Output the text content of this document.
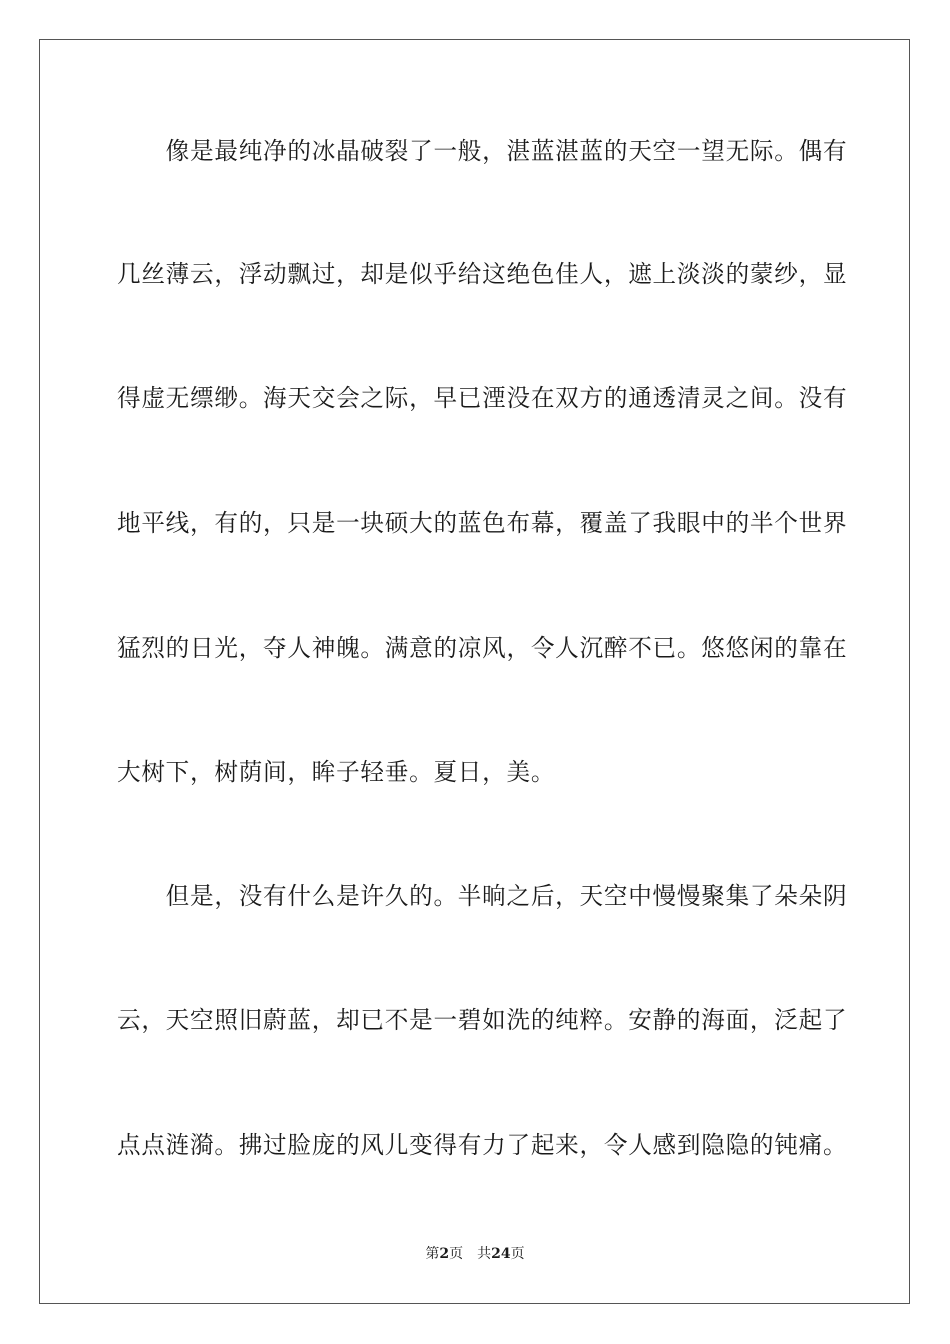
　　像是最纯净的冰晶破裂了一般，湛蓝湛蓝的天空一望无际。偶有
几丝薄云，浮动飘过，却是似乎给这绝色佳人，遮上淡淡的蒙纱，显
得虚无缥缈。海天交会之际，早已湮没在双方的通透清灵之间。没有
地平线，有的，只是一块硕大的蓝色布幕，覆盖了我眼中的半个世界
猛烈的日光，夺人神魄。满意的凉风，令人沉醉不已。悠悠闲的靠在
大树下，树荫间，眸子轻垂。夏日，美。
　　但是，没有什么是许久的。半晌之后，天空中慢慢聚集了朵朵阴
云，天空照旧蔚蓝，却已不是一碧如洗的纯粹。安静的海面，泛起了
点点涟漪。拂过脸庞的风儿变得有力了起来，令人感到隐隐的钝痛。
第2页 共24页
